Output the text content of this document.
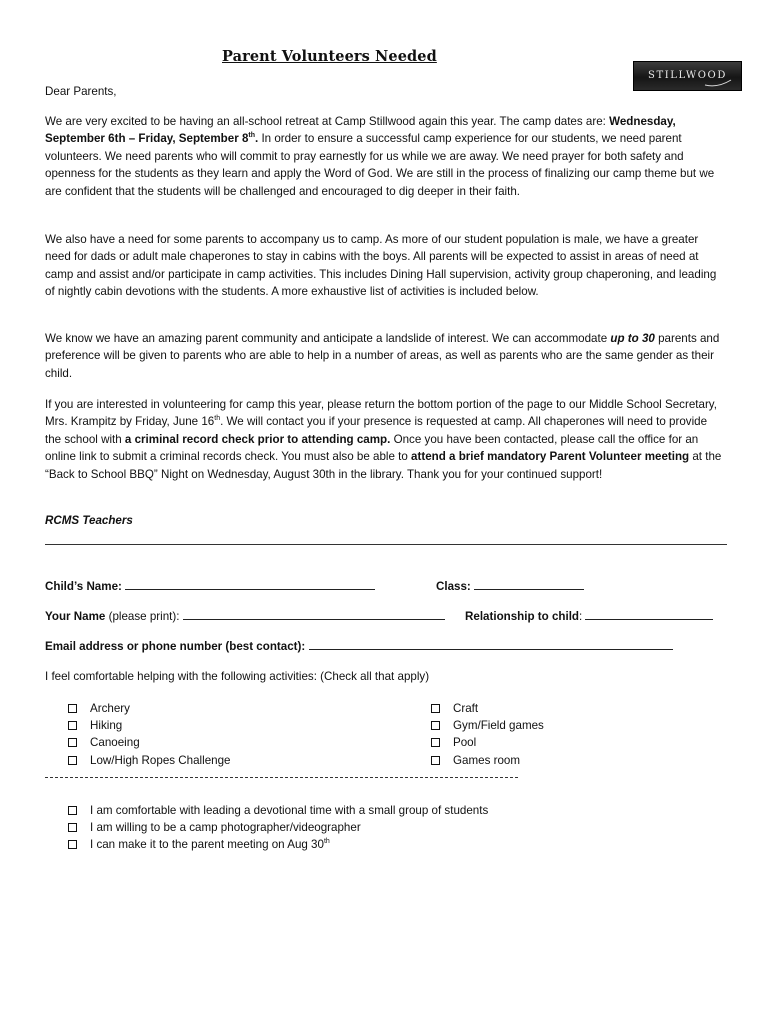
Parent Volunteers Needed
STILLWOOD

Dear Parents,

We are very excited to be having an all-school retreat at Camp Stillwood again this year. The camp dates are: Wednesday, September 6th – Friday, September 8th. In order to ensure a successful camp experience for our students, we need parent volunteers. We need parents who will commit to pray earnestly for us while we are away. We need prayer for both safety and openness for the students as they learn and apply the Word of God. We are still in the process of finalizing our camp theme but we are confident that the students will be challenged and encouraged to dig deeper in their faith.

We also have a need for some parents to accompany us to camp. As more of our student population is male, we have a greater need for dads or adult male chaperones to stay in cabins with the boys. All parents will be expected to assist in areas of need at camp and assist and/or participate in camp activities. This includes Dining Hall supervision, activity group chaperoning, and leading of nightly cabin devotions with the students. A more exhaustive list of activities is included below.

We know we have an amazing parent community and anticipate a landslide of interest. We can accommodate up to 30 parents and preference will be given to parents who are able to help in a number of areas, as well as parents who are the same gender as their child.

If you are interested in volunteering for camp this year, please return the bottom portion of the page to our Middle School Secretary, Mrs. Krampitz by Friday, June 16th. We will contact you if your presence is requested at camp. All chaperones will need to provide the school with a criminal record check prior to attending camp. Once you have been contacted, please call the office for an online link to submit a criminal records check. You must also be able to attend a brief mandatory Parent Volunteer meeting at the “Back to School BBQ” Night on Wednesday, August 30th in the library. Thank you for your continued support!

RCMS Teachers

Child’s Name:	Class:
Your Name (please print):	Relationship to child:
Email address or phone number (best contact):
I feel comfortable helping with the following activities: (Check all that apply)
Archery
Hiking
Canoeing
Low/High Ropes Challenge
Craft
Gym/Field games
Pool
Games room
I am comfortable with leading a devotional time with a small group of students
I am willing to be a camp photographer/videographer
I can make it to the parent meeting on Aug 30th
